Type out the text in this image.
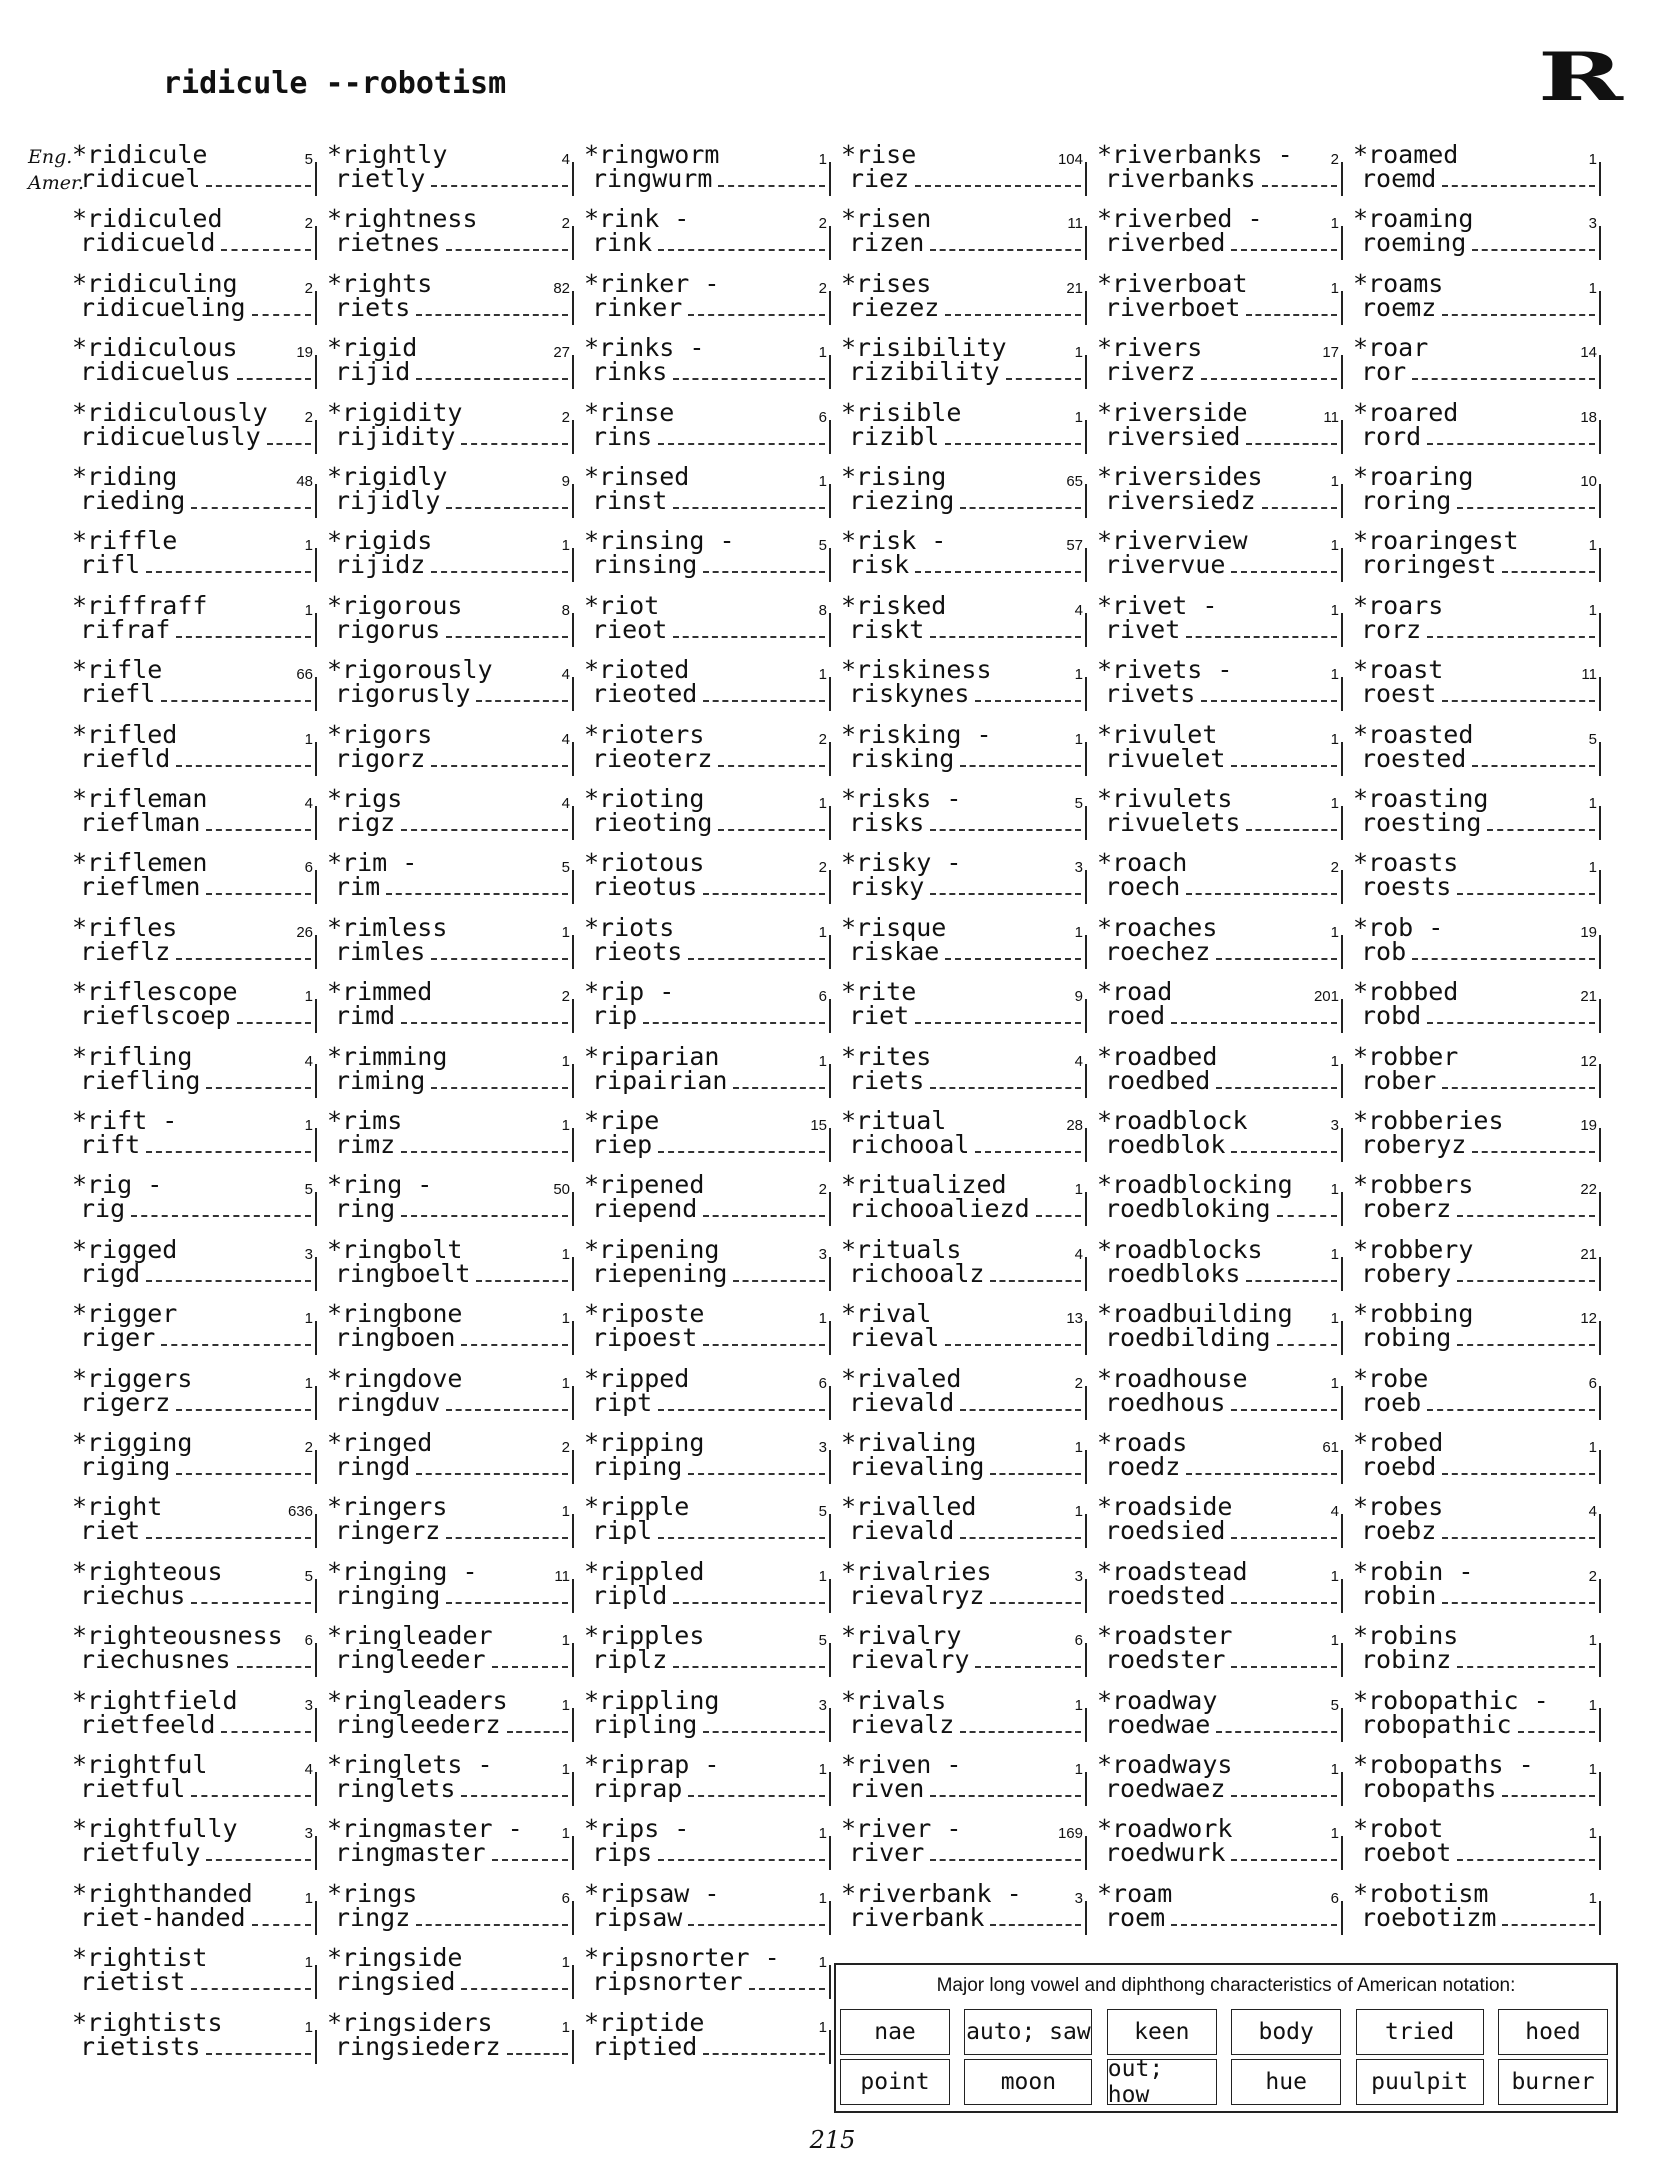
ridicule --robotism	R
Eng.
Amer.
*ridicule	5
ridicuel
*ridiculed	2
ridicueld
*ridiculing	2
ridicueling
*ridiculous	19
ridicuelus
*ridiculously 2
ridicuelusly
*riding	48
rieding
*riffle	1
rifl
*riffraff	1
rifraf
*rifle	66
riefl
*rifled	1
riefld
*rifleman	4
rieflman
*riflemen	6
rieflmen
*rifles	26
rieflz
*riflescope	1
rieflscoep
*rifling	4
riefling
*rift -	1
rift
*rig -	5
rig
*rigged	3
rigd
*rigger	1
riger
*riggers	1
rigerz
*rigging	2
riging
*right	636
riet
*righteous	5
riechus
*righteousness 6
riechusnes
*rightfield	3
rietfeeld
*rightful	4
rietful
*rightfully	3
rietfuly
*righthanded	1
riet-handed
*rightist	1
rietist
*rightists	1
rietists
*rightly	4
rietly
*rightness	2
rietnes
*rights	82
riets
*rigid	27
rijid
*rigidity	2
rijidity
*rigidly	9
rijidly
*rigids	1
rijidz
*rigorous	8
rigorus
*rigorously	4
rigorusly
*rigors	4
rigorz
*rigs	4
rigz
*rim -	5
rim
*rimless	1
rimles
*rimmed	2
rimd
*rimming	1
riming
*rims	1
rimz
*ring -	50
ring
*ringbolt	1
ringboelt
*ringbone	1
ringboen
*ringdove	1
ringduv
*ringed	2
ringd
*ringers	1
ringerz
*ringing -	11
ringing
*ringleader	1
ringleeder
*ringleaders	1
ringleederz
*ringlets -	1
ringlets
*ringmaster -	1
ringmaster
*rings	6
ringz
*ringside	1
ringsied
*ringsiders	1
ringsiederz
*ringworm	1
ringwurm
*rink -	2
rink
*rinker -	2
rinker
*rinks -	1
rinks
*rinse	6
rins
*rinsed	1
rinst
*rinsing -	5
rinsing
*riot	8
rieot
*rioted	1
rieoted
*rioters	2
rieoterz
*rioting	1
rieoting
*riotous	2
rieotus
*riots	1
rieots
*rip -	6
rip
*riparian	1
ripairian
*ripe	15
riep
*ripened	2
riepend
*ripening	3
riepening
*riposte	1
ripoest
*ripped	6
ript
*ripping	3
riping
*ripple	5
ripl
*rippled	1
ripld
*ripples	5
riplz
*rippling	3
ripling
*riprap -	1
riprap
*rips -	1
rips
*ripsaw -	1
ripsaw
*ripsnorter -	1
ripsnorter
*riptide	1
riptied
*rise	104
riez
*risen	11
rizen
*rises	21
riezez
*risibility	1
rizibility
*risible	1
rizibl
*rising	65
riezing
*risk -	57
risk
*risked	4
riskt
*riskiness	1
riskynes
*risking -	1
risking
*risks -	5
risks
*risky -	3
risky
*risque	1
riskae
*rite	9
riet
*rites	4
riets
*ritual	28
richooal
*ritualized	1
richooaliezd
*rituals	4
richooalz
*rival	13
rieval
*rivaled	2
rievald
*rivaling	1
rievaling
*rivalled	1
rievald
*rivalries	3
rievalryz
*rivalry	6
rievalry
*rivals	1
rievalz
*riven -	1
riven
*river -	169
river
*riverbank -	3
riverbank
*riverbanks -	2
riverbanks
*riverbed -	1
riverbed
*riverboat	1
riverboet
*rivers	17
riverz
*riverside	11
riversied
*riversides	1
riversiedz
*riverview	1
rivervue
*rivet -	1
rivet
*rivets -	1
rivets
*rivulet	1
rivuelet
*rivulets	1
rivuelets
*roach	2
roech
*roaches	1
roechez
*road	201
roed
*roadbed	1
roedbed
*roadblock	3
roedblok
*roadblocking	1
roedbloking
*roadblocks	1
roedbloks
*roadbuilding	1
roedbilding
*roadhouse	1
roedhous
*roads	61
roedz
*roadside	4
roedsied
*roadstead	1
roedsted
*roadster	1
roedster
*roadway	5
roedwae
*roadways	1
roedwaez
*roadwork	1
roedwurk
*roam	6
roem
*roamed	1
roemd
*roaming	3
roeming
*roams	1
roemz
*roar	14
ror
*roared	18
rord
*roaring	10
roring
*roaringest	1
roringest
*roars	1
rorz
*roast	11
roest
*roasted	5
roested
*roasting	1
roesting
*roasts	1
roests
*rob -	19
rob
*robbed	21
robd
*robber	12
rober
*robberies	19
roberyz
*robbers	22
roberz
*robbery	21
robery
*robbing	12
robing
*robe	6
roeb
*robed	1
roebd
*robes	4
roebz
*robin -	2
robin
*robins	1
robinz
*robopathic -	1
robopathic
*robopaths -	1
robopaths
*robot	1
roebot
*robotism	1
roebotizm
Major long vowel and diphthong characteristics of American notation:
nae	auto; saw	keen	body	tried	hoed
point	moon	out; how	hue	puulpit	burner
215
